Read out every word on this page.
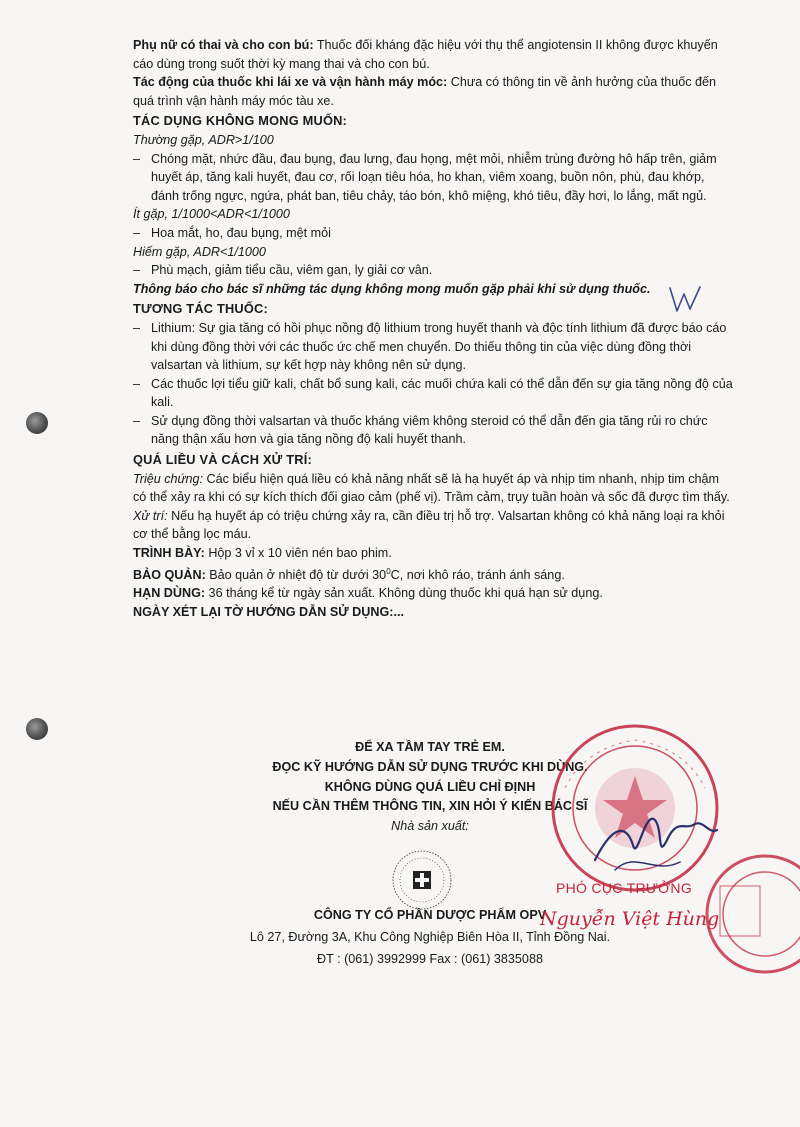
Phụ nữ có thai và cho con bú: Thuốc đối kháng đặc hiệu với thụ thể angiotensin II không được khuyến cáo dùng trong suốt thời kỳ mang thai và cho con bú.

Tác động của thuốc khi lái xe và vận hành máy móc: Chưa có thông tin về ảnh hưởng của thuốc đến quá trình vận hành máy móc tàu xe.

TÁC DỤNG KHÔNG MONG MUỐN:

Thường gặp, ADR>1/100

– Chóng mặt, nhức đầu, đau bụng, đau lưng, đau họng, mệt mỏi, nhiễm trùng đường hô hấp trên, giảm huyết áp, tăng kali huyết, đau cơ, rối loạn tiêu hóa, ho khan, viêm xoang, buồn nôn, phù, đau khớp, đánh trống ngực, ngứa, phát ban, tiêu chảy, táo bón, khô miệng, khó tiêu, đầy hơi, lo lắng, mất ngủ.

Ít gặp, 1/1000<ADR<1/1000

– Hoa mắt, ho, đau bụng, mệt mỏi

Hiếm gặp, ADR<1/1000

– Phù mạch, giảm tiểu cầu, viêm gan, ly giải cơ vân.

Thông báo cho bác sĩ những tác dụng không mong muốn gặp phải khi sử dụng thuốc.

TƯƠNG TÁC THUỐC:

– Lithium: Sự gia tăng có hồi phục nồng độ lithium trong huyết thanh và độc tính lithium đã được báo cáo khi dùng đồng thời với các thuốc ức chế men chuyển. Do thiếu thông tin của việc dùng đồng thời valsartan và lithium, sự kết hợp này không nên sử dụng.

– Các thuốc lợi tiểu giữ kali, chất bổ sung kali, các muối chứa kali có thể dẫn đến sự gia tăng nồng độ của kali.

– Sử dụng đồng thời valsartan và thuốc kháng viêm không steroid có thể dẫn đến gia tăng rủi ro chức năng thận xấu hơn và gia tăng nồng độ kali huyết thanh.

QUÁ LIỀU VÀ CÁCH XỬ TRÍ:

Triệu chứng: Các biểu hiện quá liều có khả năng nhất sẽ là hạ huyết áp và nhịp tim nhanh, nhịp tim chậm có thể xảy ra khi có sự kích thích đối giao cảm (phế vị). Trầm cảm, trụy tuần hoàn và sốc đã được tìm thấy.

Xử trí: Nếu hạ huyết áp có triệu chứng xảy ra, cần điều trị hỗ trợ. Valsartan không có khả năng loại ra khỏi cơ thể bằng lọc máu.

TRÌNH BÀY: Hộp 3 vỉ x 10 viên nén bao phim.

BẢO QUẢN: Bảo quản ở nhiệt độ từ dưới $30^0C$, nơi khô ráo, tránh ánh sáng.

HẠN DÙNG: 36 tháng kể từ ngày sản xuất. Không dùng thuốc khi quá hạn sử dụng.

NGÀY XÉT LẠI TỜ HƯỚNG DẪN SỬ DỤNG:...

ĐỂ XA TẦM TAY TRẺ EM.
ĐỌC KỸ HƯỚNG DẪN SỬ DỤNG TRƯỚC KHI DÙNG.
KHÔNG DÙNG QUÁ LIỀU CHỈ ĐỊNH
NẾU CẦN THÊM THÔNG TIN, XIN HỎI Ý KIẾN BÁC SĨ
Nhà sản xuất:
CÔNG TY CỔ PHẦN DƯỢC PHẨM OPV
Lô 27, Đường 3A, Khu Công Nghiệp Biên Hòa II, Tỉnh Đồng Nai.
ĐT : (061) 3992999 Fax : (061) 3835088
PHÓ CỤC TRƯỞNG
Nguyễn Việt Hùng
